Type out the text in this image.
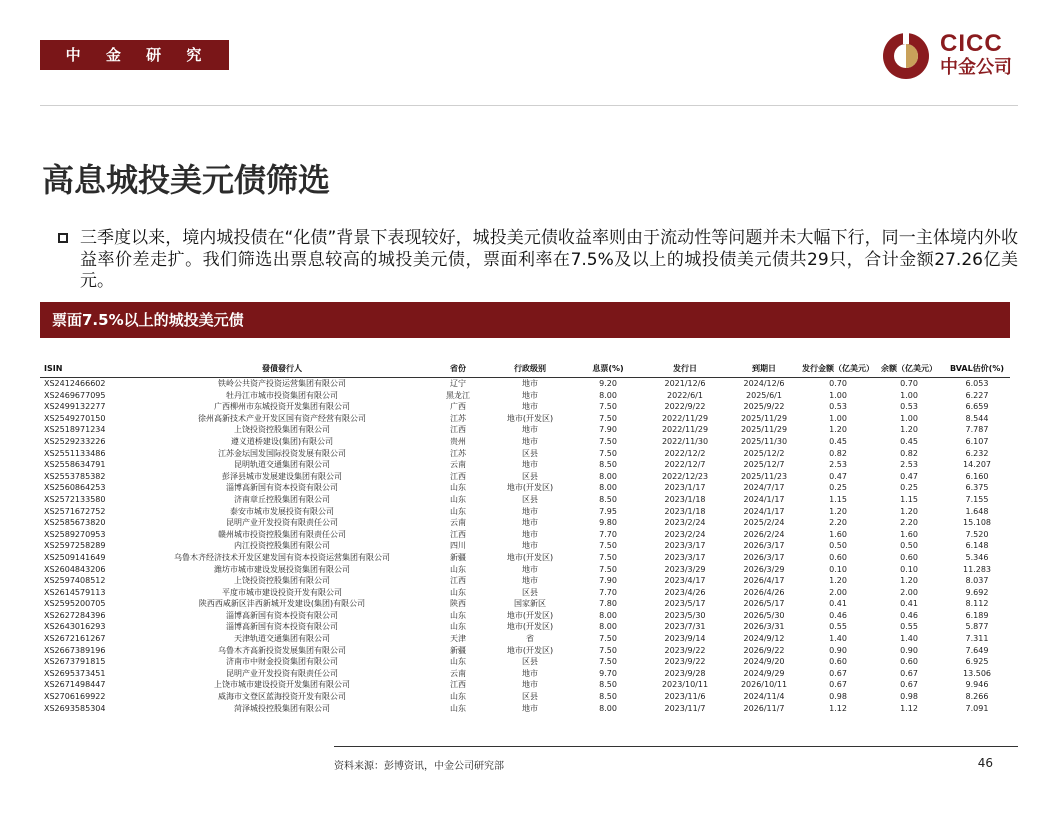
中 金 研 究 部
CICC
中金公司
高息城投美元债筛选

三季度以来，境内城投债在“化债”背景下表现较好，城投美元债收益率则由于流动性等问题并未大幅下行，同一主体境内外收益率价差走扩。我们筛选出票息较高的城投美元债，票面利率在7.5%及以上的城投债美元债共29只，合计金额27.26亿美元。

票面7.5%以上的城投美元债
ISIN	發債發行人	省份	行政级别	息票(%)	发行日	到期日	发行金额（亿美元）	余额（亿美元）	BVAL估价(%)
XS2412466602	铁岭公共资产投资运营集团有限公司	辽宁	地市	9.20	2021/12/6	2024/12/6	0.70	0.70	6.053
XS2469677095	牡丹江市城市投资集团有限公司	黑龙江	地市	8.00	2022/6/1	2025/6/1	1.00	1.00	6.227
XS2499132277	广西柳州市东城投资开发集团有限公司	广西	地市	7.50	2022/9/22	2025/9/22	0.53	0.53	6.659
XS2549270150	徐州高新技术产业开发区国有资产经营有限公司	江苏	地市(开发区)	7.50	2022/11/29	2025/11/29	1.00	1.00	8.544
XS2518971234	上饶投资控股集团有限公司	江西	地市	7.90	2022/11/29	2025/11/29	1.20	1.20	7.787
XS2529233226	遵义道桥建设(集团)有限公司	贵州	地市	7.50	2022/11/30	2025/11/30	0.45	0.45	6.107
XS2551133486	江苏金坛国发国际投资发展有限公司	江苏	区县	7.50	2022/12/2	2025/12/2	0.82	0.82	6.232
XS2558634791	昆明轨道交通集团有限公司	云南	地市	8.50	2022/12/7	2025/12/7	2.53	2.53	14.207
XS2553785382	彭泽县城市发展建设集团有限公司	江西	区县	8.00	2022/12/23	2025/11/23	0.47	0.47	6.160
XS2560864253	淄博高新国有资本投资有限公司	山东	地市(开发区)	8.00	2023/1/17	2024/7/17	0.25	0.25	6.375
XS2572133580	济南章丘控股集团有限公司	山东	区县	8.50	2023/1/18	2024/1/17	1.15	1.15	7.155
XS2571672752	泰安市城市发展投资有限公司	山东	地市	7.95	2023/1/18	2024/1/17	1.20	1.20	1.648
XS2585673820	昆明产业开发投资有限责任公司	云南	地市	9.80	2023/2/24	2025/2/24	2.20	2.20	15.108
XS2589270953	赣州城市投资控股集团有限责任公司	江西	地市	7.70	2023/2/24	2026/2/24	1.60	1.60	7.520
XS2597258289	内江投资控股集团有限公司	四川	地市	7.50	2023/3/17	2026/3/17	0.50	0.50	6.148
XS2509141649	乌鲁木齐经济技术开发区建发国有资本投资运营集团有限公司	新疆	地市(开发区)	7.50	2023/3/17	2026/3/17	0.60	0.60	5.346
XS2604843206	潍坊市城市建设发展投资集团有限公司	山东	地市	7.50	2023/3/29	2026/3/29	0.10	0.10	11.283
XS2597408512	上饶投资控股集团有限公司	江西	地市	7.90	2023/4/17	2026/4/17	1.20	1.20	8.037
XS2614579113	平度市城市建设投资开发有限公司	山东	区县	7.70	2023/4/26	2026/4/26	2.00	2.00	9.692
XS2595200705	陕西西咸新区沣西新城开发建设(集团)有限公司	陕西	国家新区	7.80	2023/5/17	2026/5/17	0.41	0.41	8.112
XS2627284396	淄博高新国有资本投资有限公司	山东	地市(开发区)	8.00	2023/5/30	2026/5/30	0.46	0.46	6.189
XS2643016293	淄博高新国有资本投资有限公司	山东	地市(开发区)	8.00	2023/7/31	2026/3/31	0.55	0.55	5.877
XS2672161267	天津轨道交通集团有限公司	天津	省	7.50	2023/9/14	2024/9/12	1.40	1.40	7.311
XS2667389196	乌鲁木齐高新投资发展集团有限公司	新疆	地市(开发区)	7.50	2023/9/22	2026/9/22	0.90	0.90	7.649
XS2673791815	济南市中财金投资集团有限公司	山东	区县	7.50	2023/9/22	2024/9/20	0.60	0.60	6.925
XS2695373451	昆明产业开发投资有限责任公司	云南	地市	9.70	2023/9/28	2024/9/29	0.67	0.67	13.506
XS2671498447	上饶市城市建设投资开发集团有限公司	江西	地市	8.50	2023/10/11	2026/10/11	0.67	0.67	9.946
XS2706169922	威海市文登区蓝海投资开发有限公司	山东	区县	8.50	2023/11/6	2024/11/4	0.98	0.98	8.266
XS2693585304	菏泽城投控股集团有限公司	山东	地市	8.00	2023/11/7	2026/11/7	1.12	1.12	7.091
资料来源：彭博资讯，中金公司研究部	46
